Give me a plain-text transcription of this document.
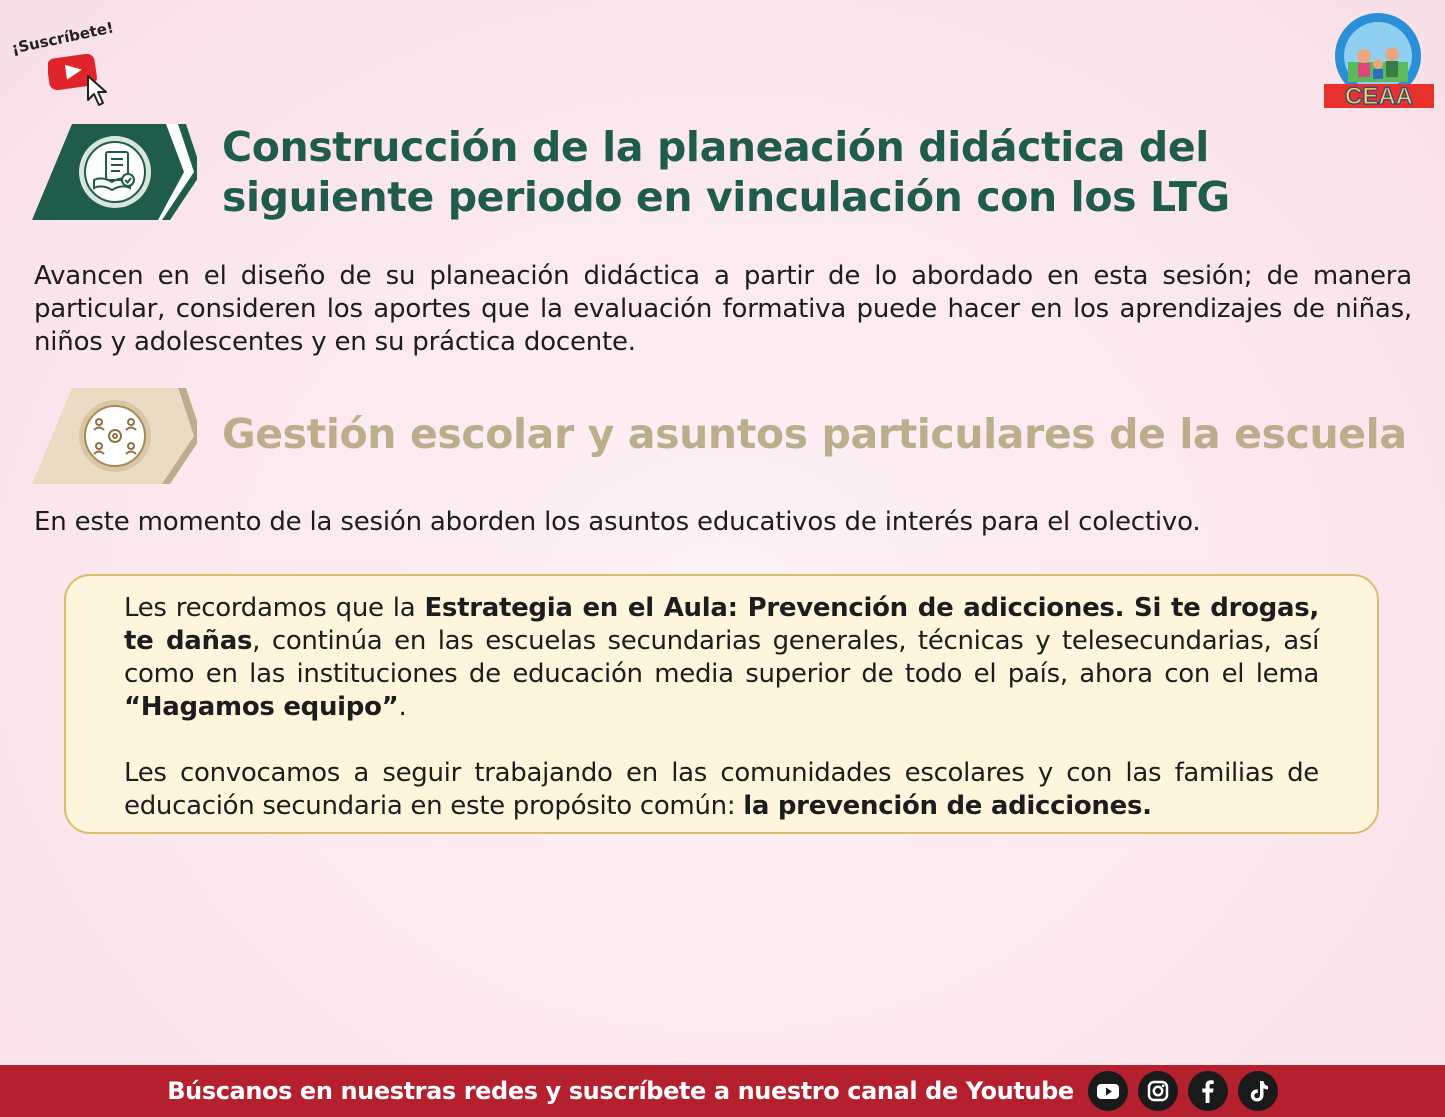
¡Suscríbete!
CEAA
Construcción de la planeación didáctica del siguiente periodo en vinculación con los LTG
Avancen en el diseño de su planeación didáctica a partir de lo abordado en esta sesión; de manera particular, consideren los aportes que la evaluación formativa puede hacer en los aprendizajes de niñas, niños y adolescentes y en su práctica docente.
Gestión escolar y asuntos particulares de la escuela
En este momento de la sesión aborden los asuntos educativos de interés para el colectivo.

Les recordamos que la Estrategia en el Aula: Prevención de adicciones. Si te drogas, te dañas, continúa en las escuelas secundarias generales, técnicas y telesecundarias, así como en las instituciones de educación media superior de todo el país, ahora con el lema “Hagamos equipo”.

Les convocamos a seguir trabajando en las comunidades escolares y con las familias de educación secundaria en este propósito común: la prevención de adicciones.

Búscanos en nuestras redes y suscríbete a nuestro canal de Youtube
